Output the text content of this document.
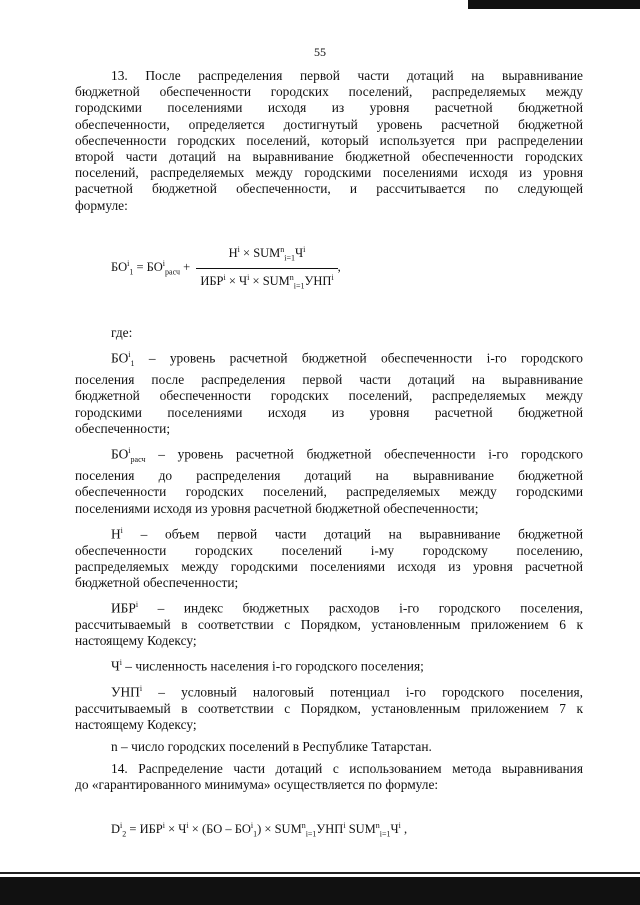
55

13. После распределения первой части дотаций на выравнивание

бюджетной обеспеченности городских поселений, распределяемых между

городскими поселениями исходя из уровня расчетной бюджетной

обеспеченности, определяется достигнутый уровень расчетной бюджетной

обеспеченности городских поселений, который используется при распределении

второй части дотаций на выравнивание бюджетной обеспеченности городских

поселений, распределяемых между городскими поселениями исходя из уровня

расчетной бюджетной обеспеченности, и рассчитывается по следующей

формуле:

$БО^i_1 = БО^i_{расч} + \frac{Н^i \times SUM^n_{i=1}Ч^i}{ИБР^i \times Ч^i \times SUM^n_{i=1}УНП^i}$ ,

где:

$БО^i_1$ – уровень расчетной бюджетной обеспеченности i-го городского

поселения после распределения первой части дотаций на выравнивание

бюджетной обеспеченности городских поселений, распределяемых между

городскими поселениями исходя из уровня расчетной бюджетной

обеспеченности;

$БО^i_{расч}$ – уровень расчетной бюджетной обеспеченности i-го городского

поселения до распределения дотаций на выравнивание бюджетной

обеспеченности городских поселений, распределяемых между городскими

поселениями исходя из уровня расчетной бюджетной обеспеченности;

$Н^i$ – объем первой части дотаций на выравнивание бюджетной

обеспеченности городских поселений i-му городскому поселению,

распределяемых между городскими поселениями исходя из уровня расчетной

бюджетной обеспеченности;

ИБР$^i$ – индекс бюджетных расходов i-го городского поселения,

рассчитываемый в соответствии с Порядком, установленным приложением 6 к

настоящему Кодексу;

$Ч^i$ – численность населения i-го городского поселения;

УНП$^i$ – условный налоговый потенциал i-го городского поселения,

рассчитываемый в соответствии с Порядком, установленным приложением 7 к

настоящему Кодексу;

n – число городских поселений в Республике Татарстан.

14. Распределение части дотаций с использованием метода выравнивания

до «гарантированного минимума» осуществляется по формуле:

$D^i_2 = ИБР^i \times Ч^i \times (БО - БО^i_1) \times SUM^n_{i=1}УНП^i$ $SUM^n_{i=1}Ч^i$ ,
